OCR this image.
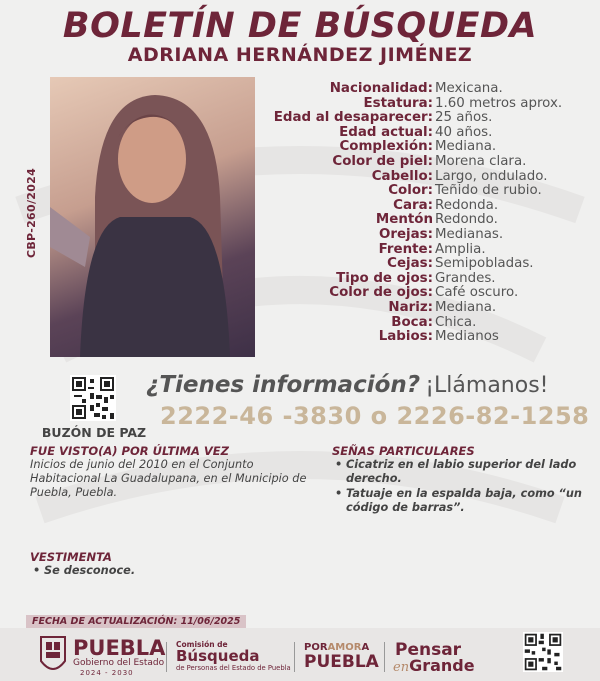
BOLETÍN DE BÚSQUEDA
ADRIANA HERNÁNDEZ JIMÉNEZ
CBP-260/2024
Nacionalidad: Mexicana.
Estatura: 1.60 metros aprox.
Edad al desaparecer: 25 años.
Edad actual: 40 años.
Complexión: Mediana.
Color de piel: Morena clara.
Cabello: Largo, ondulado.
Color: Teñido de rubio.
Cara: Redonda.
Mentón Redondo.
Orejas: Medianas.
Frente: Amplia.
Cejas: Semipobladas.
Tipo de ojos: Grandes.
Color de ojos: Café oscuro.
Nariz: Mediana.
Boca: Chica.
Labios: Medianos
BUZÓN DE PAZ
¿Tienes información? ¡Llámanos!
2222-46 -3830 o 2226-82-1258
FUE VISTO(A) POR ÚLTIMA VEZ
Inicios de junio del 2010 en el Conjunto Habitacional La Guadalupana, en el Municipio de Puebla, Puebla.
SEÑAS PARTICULARES
• Cicatriz en el labio superior del lado derecho.
• Tatuaje en la espalda baja, como “un código de barras”.
VESTIMENTA
• Se desconoce.
FECHA DE ACTUALIZACIÓN: 11/06/2025
PUEBLA
Gobierno del Estado
2024 - 2030
Comisión de
Búsqueda
de Personas del Estado de Puebla
PORAMORA
PUEBLA
Pensar
enGrande
